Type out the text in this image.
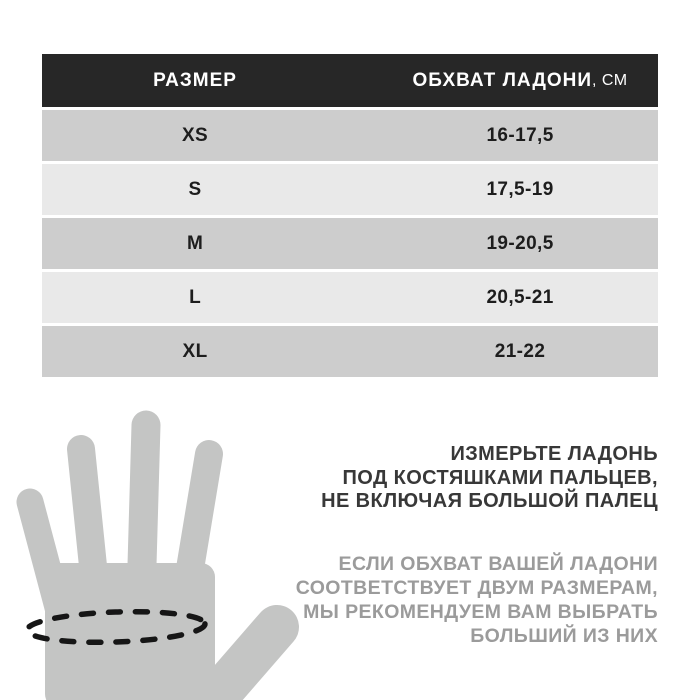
РАЗМЕР	ОБХВАТ ЛАДОНИ , СМ
XS	16-17,5
S	17,5-19
M	19-20,5
L	20,5-21
XL	21-22
ИЗМЕРЬТЕ ЛАДОНЬ
ПОД КОСТЯШКАМИ ПАЛЬЦЕВ,
НЕ ВКЛЮЧАЯ БОЛЬШОЙ ПАЛЕЦ
ЕСЛИ ОБХВАТ ВАШЕЙ ЛАДОНИ
СООТВЕТСТВУЕТ ДВУМ РАЗМЕРАМ,
МЫ РЕКОМЕНДУЕМ ВАМ ВЫБРАТЬ
БОЛЬШИЙ ИЗ НИХ
